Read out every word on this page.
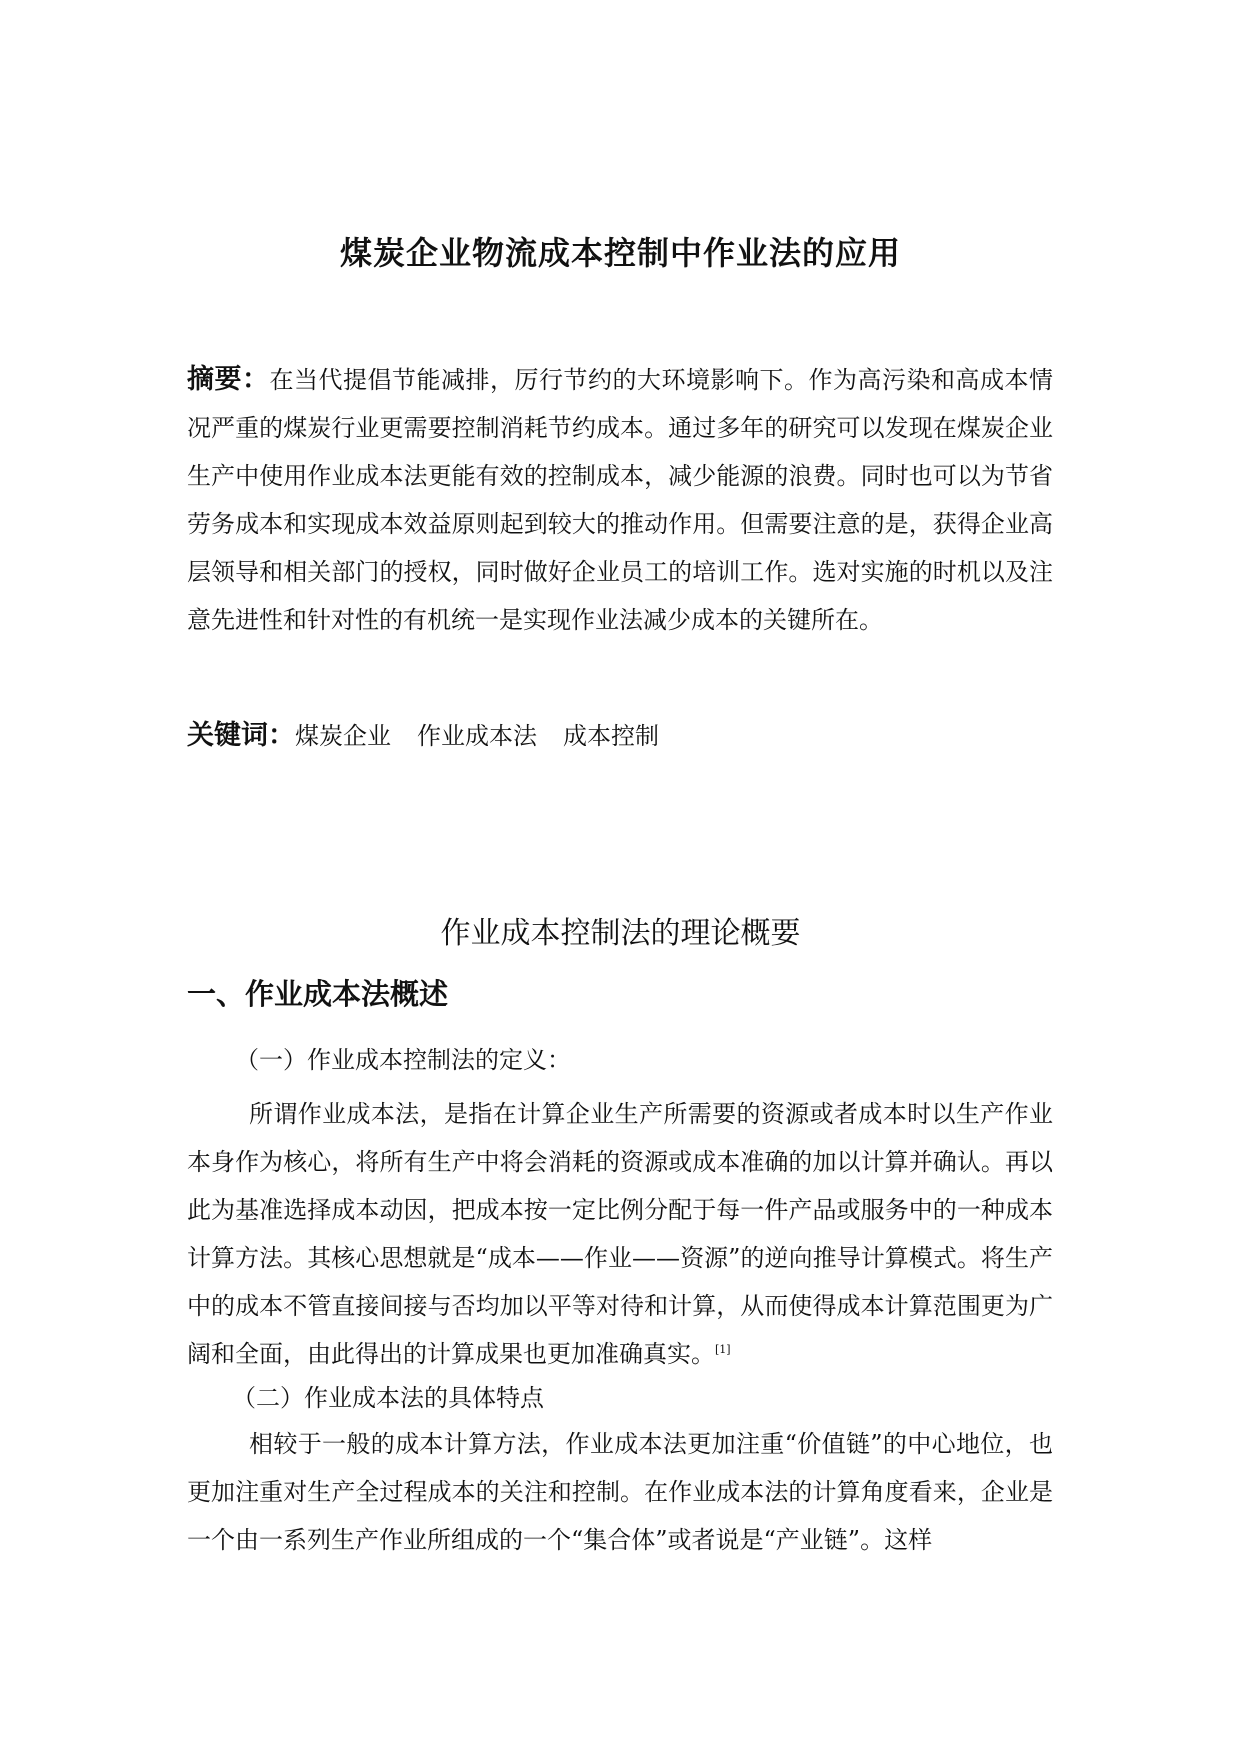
煤炭企业物流成本控制中作业法的应用
摘要：在当代提倡节能减排，厉行节约的大环境影响下。作为高污染和高成本情况严重的煤炭行业更需要控制消耗节约成本。通过多年的研究可以发现在煤炭企业生产中使用作业成本法更能有效的控制成本，减少能源的浪费。同时也可以为节省劳务成本和实现成本效益原则起到较大的推动作用。但需要注意的是，获得企业高层领导和相关部门的授权，同时做好企业员工的培训工作。选对实施的时机以及注意先进性和针对性的有机统一是实现作业法减少成本的关键所在。
关键词：煤炭企业 作业成本法 成本控制
作业成本控制法的理论概要
一、作业成本法概述
（一）作业成本控制法的定义：
所谓作业成本法，是指在计算企业生产所需要的资源或者成本时以生产作业本身作为核心，将所有生产中将会消耗的资源或成本准确的加以计算并确认。再以此为基准选择成本动因，把成本按一定比例分配于每一件产品或服务中的一种成本计算方法。其核心思想就是“成本——作业——资源”的逆向推导计算模式。将生产中的成本不管直接间接与否均加以平等对待和计算，从而使得成本计算范围更为广阔和全面，由此得出的计算成果也更加准确真实。[1]
（二）作业成本法的具体特点
相较于一般的成本计算方法，作业成本法更加注重“价值链”的中心地位，也更加注重对生产全过程成本的关注和控制。在作业成本法的计算角度看来，企业是一个由一系列生产作业所组成的一个“集合体”或者说是“产业链”。这样
